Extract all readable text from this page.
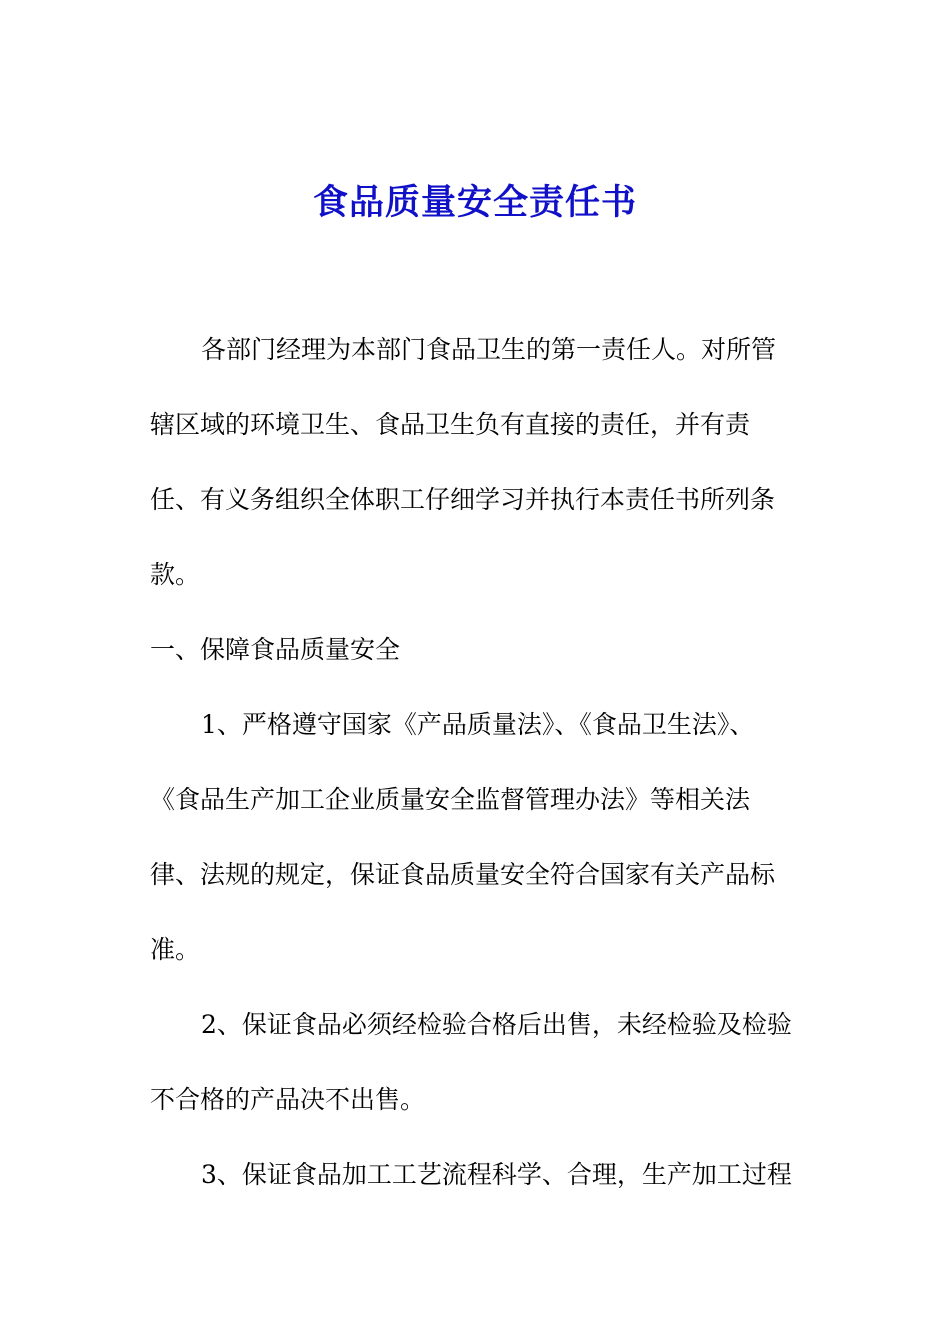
食品质量安全责任书
各部门经理为本部门食品卫生的第一责任人。对所管
辖区域的环境卫生、食品卫生负有直接的责任，并有责
任、有义务组织全体职工仔细学习并执行本责任书所列条
款。
一、保障食品质量安全
1、严格遵守国家《产品质量法》、《食品卫生法》、
《食品生产加工企业质量安全监督管理办法》等相关法
律、法规的规定，保证食品质量安全符合国家有关产品标
准。
2、保证食品必须经检验合格后出售，未经检验及检验
不合格的产品决不出售。
3、保证食品加工工艺流程科学、合理，生产加工过程
